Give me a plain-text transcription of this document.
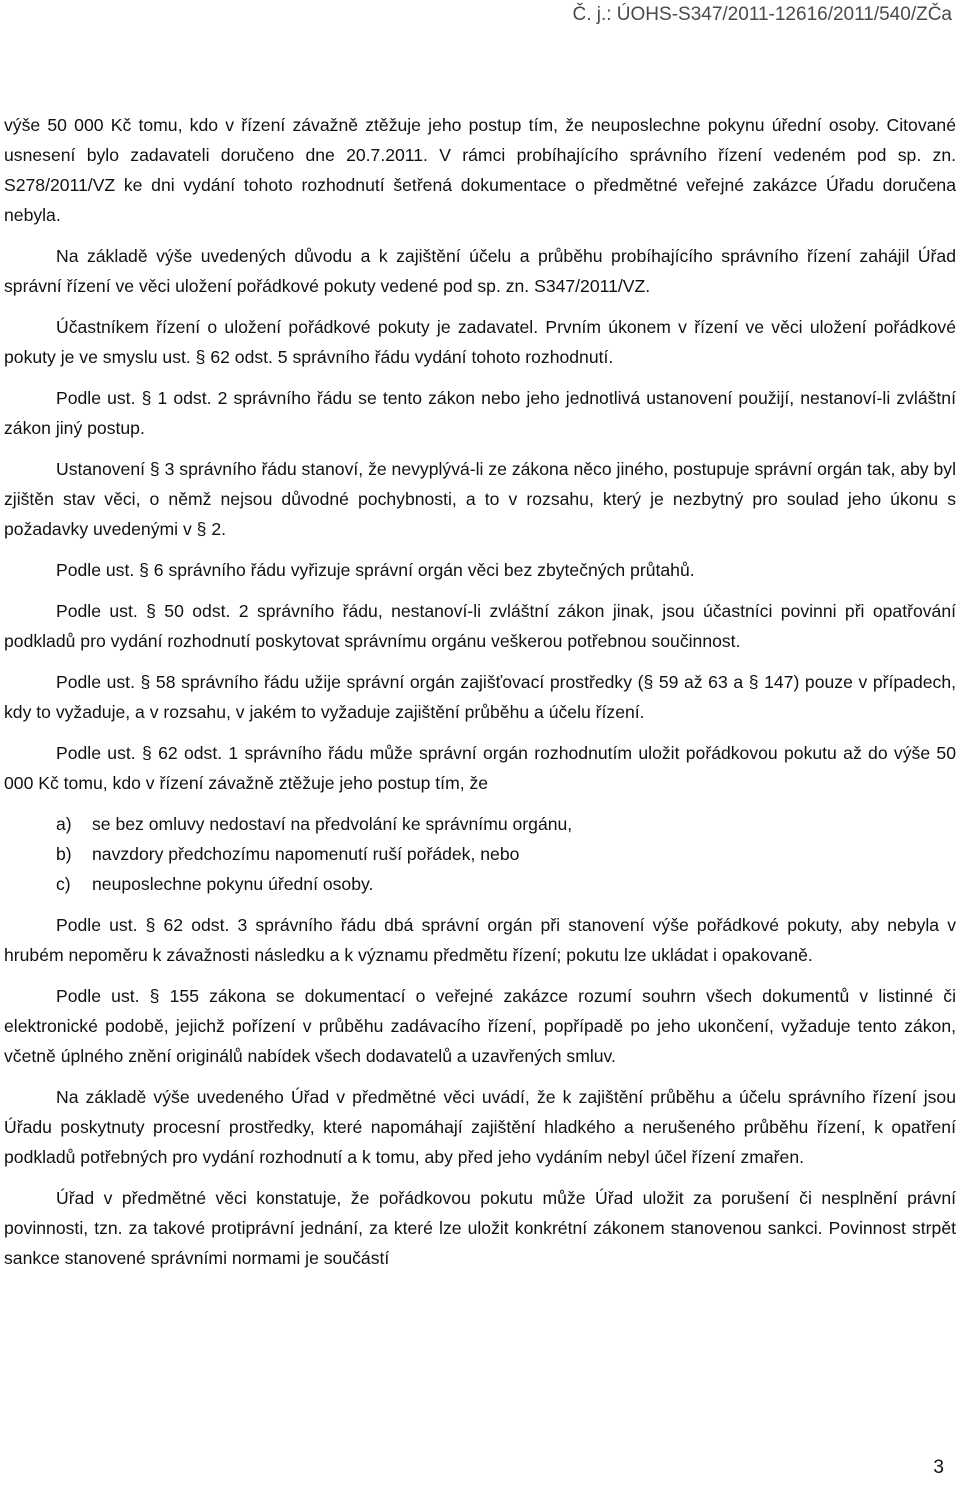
Č. j.: ÚOHS-S347/2011-12616/2011/540/ZČa

výše 50 000 Kč tomu, kdo v řízení závažně ztěžuje jeho postup tím, že neuposlechne pokynu úřední osoby. Citované usnesení bylo zadavateli doručeno dne 20.7.2011. V rámci probíhajícího správního řízení vedeném pod sp. zn. S278/2011/VZ ke dni vydání tohoto rozhodnutí šetřená dokumentace o předmětné veřejné zakázce Úřadu doručena nebyla.

Na základě výše uvedených důvodu a k zajištění účelu a průběhu probíhajícího správního řízení zahájil Úřad správní řízení ve věci uložení pořádkové pokuty vedené pod sp. zn. S347/2011/VZ.

Účastníkem řízení o uložení pořádkové pokuty je zadavatel. Prvním úkonem v řízení ve věci uložení pořádkové pokuty je ve smyslu ust. § 62 odst. 5 správního řádu vydání tohoto rozhodnutí.

Podle ust. § 1 odst. 2 správního řádu se tento zákon nebo jeho jednotlivá ustanovení použijí, nestanoví-li zvláštní zákon jiný postup.

Ustanovení § 3 správního řádu stanoví, že nevyplývá-li ze zákona něco jiného, postupuje správní orgán tak, aby byl zjištěn stav věci, o němž nejsou důvodné pochybnosti, a to v rozsahu, který je nezbytný pro soulad jeho úkonu s požadavky uvedenými v § 2.

Podle ust. § 6 správního řádu vyřizuje správní orgán věci bez zbytečných průtahů.

Podle ust. § 50 odst. 2 správního řádu, nestanoví-li zvláštní zákon jinak, jsou účastníci povinni při opatřování podkladů pro vydání rozhodnutí poskytovat správnímu orgánu veškerou potřebnou součinnost.

Podle ust. § 58 správního řádu užije správní orgán zajišťovací prostředky (§ 59 až 63 a § 147) pouze v případech, kdy to vyžaduje, a v rozsahu, v jakém to vyžaduje zajištění průběhu a účelu řízení.

Podle ust. § 62 odst. 1 správního řádu může správní orgán rozhodnutím uložit pořádkovou pokutu až do výše 50 000 Kč tomu, kdo v řízení závažně ztěžuje jeho postup tím, že

a)	se bez omluvy nedostaví na předvolání ke správnímu orgánu,
b)	navzdory předchozímu napomenutí ruší pořádek, nebo
c)	neuposlechne pokynu úřední osoby.

Podle ust. § 62 odst. 3 správního řádu dbá správní orgán při stanovení výše pořádkové pokuty, aby nebyla v hrubém nepoměru k závažnosti následku a k významu předmětu řízení; pokutu lze ukládat i opakovaně.

Podle ust. § 155 zákona se dokumentací o veřejné zakázce rozumí souhrn všech dokumentů v listinné či elektronické podobě, jejichž pořízení v průběhu zadávacího řízení, popřípadě po jeho ukončení, vyžaduje tento zákon, včetně úplného znění originálů nabídek všech dodavatelů a uzavřených smluv.

Na základě výše uvedeného Úřad v předmětné věci uvádí, že k zajištění průběhu a účelu správního řízení jsou Úřadu poskytnuty procesní prostředky, které napomáhají zajištění hladkého a nerušeného průběhu řízení, k opatření podkladů potřebných pro vydání rozhodnutí a k tomu, aby před jeho vydáním nebyl účel řízení zmařen.

Úřad v předmětné věci konstatuje, že pořádkovou pokutu může Úřad uložit za porušení či nesplnění právní povinnosti, tzn. za takové protiprávní jednání, za které lze uložit konkrétní zákonem stanovenou sankci. Povinnost strpět sankce stanovené správními normami je součástí

3
